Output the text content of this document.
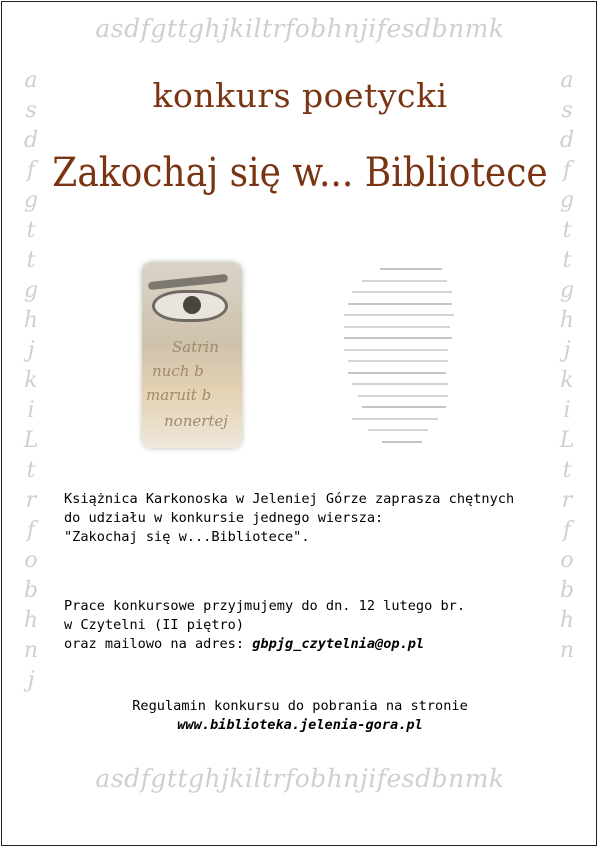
asdfgttghjkiltrfobhnjifesdbnmk
asdfgttghjkiltrfobhnjifesdbnmk
a
s
d
f
g
t
t
g
h
j
k
i
L
t
r
f
o
b
h
n
j
a
s
d
f
g
t
t
g
h
j
k
i
L
t
r
f
o
b
h
n
konkurs poetycki
Zakochaj się w... Bibliotece
Satrin
nuch b
maruit b
nonertej
Książnica Karkonoska w Jeleniej Górze zaprasza chętnych
do udziału w konkursie jednego wiersza:
"Zakochaj się w...Bibliotece".
Prace konkursowe przyjmujemy do dn. 12 lutego br.
w Czytelni (II piętro)
oraz mailowo na adres: gbpjg_czytelnia@op.pl
Regulamin konkursu do pobrania na stronie
www.biblioteka.jelenia-gora.pl
